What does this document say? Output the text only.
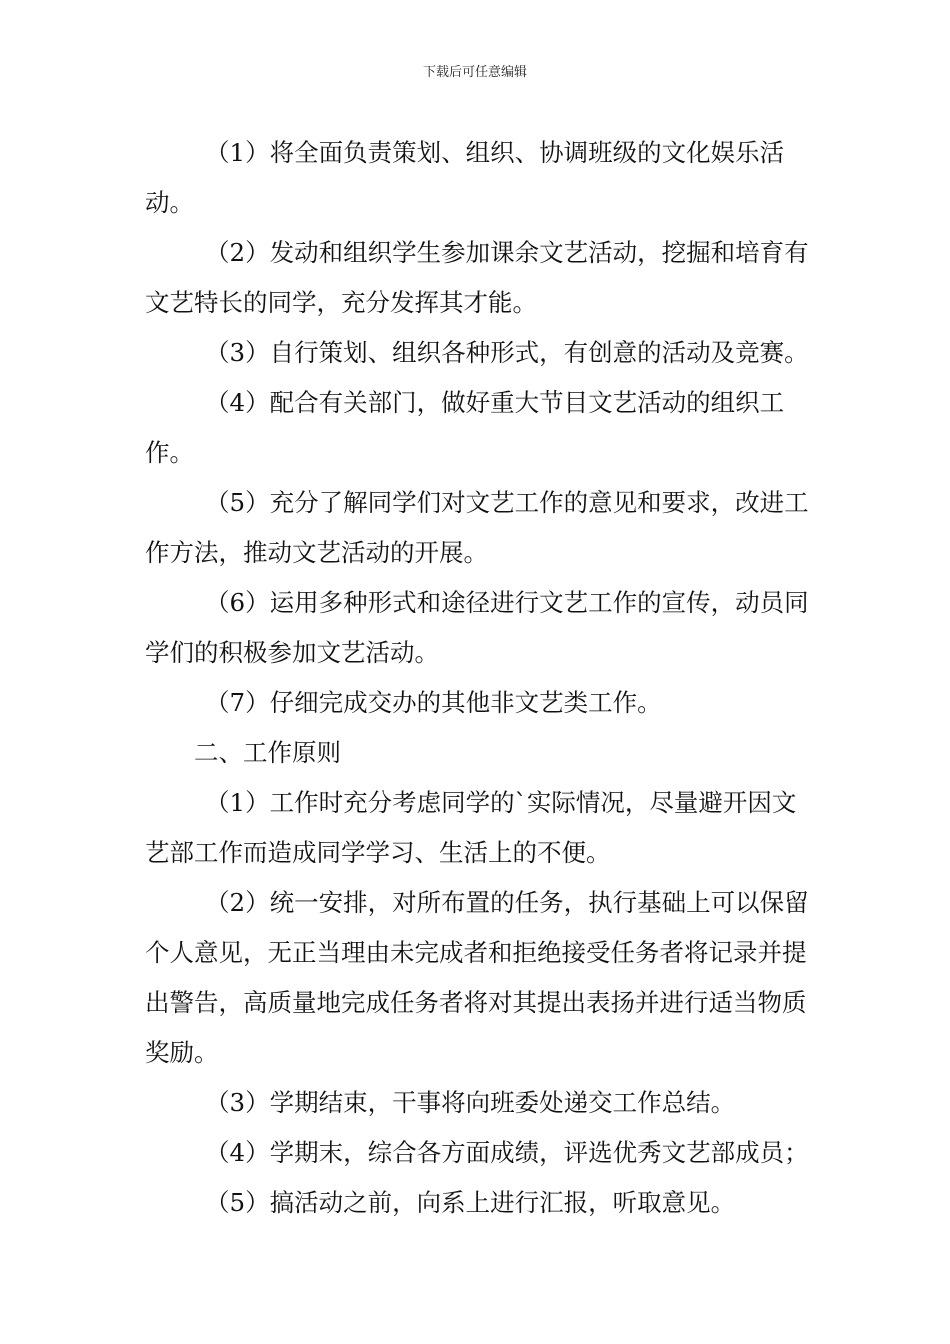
下载后可任意编辑

（1）将全面负责策划、组织、协调班级的文化娱乐活动。

（2）发动和组织学生参加课余文艺活动，挖掘和培育有文艺特长的同学，充分发挥其才能。

（3）自行策划、组织各种形式，有创意的活动及竞赛。

（4）配合有关部门，做好重大节目文艺活动的组织工作。

（5）充分了解同学们对文艺工作的意见和要求，改进工作方法，推动文艺活动的开展。

（6）运用多种形式和途径进行文艺工作的宣传，动员同学们的积极参加文艺活动。

（7）仔细完成交办的其他非文艺类工作。

二、工作原则

（1）工作时充分考虑同学的`实际情况，尽量避开因文艺部工作而造成同学学习、生活上的不便。

（2）统一安排，对所布置的任务，执行基础上可以保留个人意见，无正当理由未完成者和拒绝接受任务者将记录并提出警告，高质量地完成任务者将对其提出表扬并进行适当物质奖励。

（3）学期结束，干事将向班委处递交工作总结。

（4）学期末，综合各方面成绩，评选优秀文艺部成员；

（5）搞活动之前，向系上进行汇报，听取意见。
